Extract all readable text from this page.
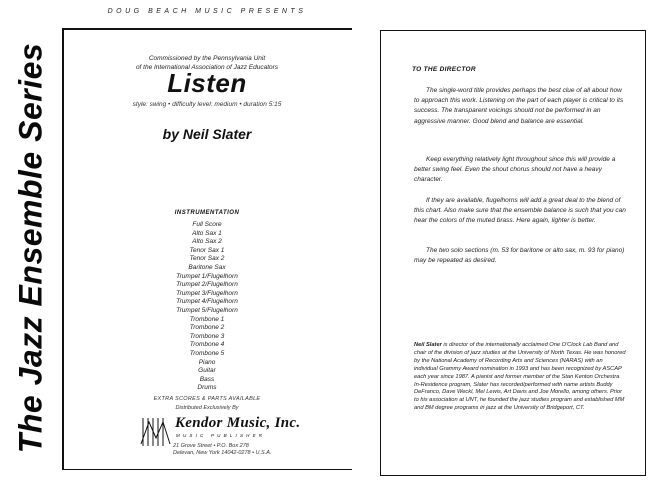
The Jazz Ensemble Series
DOUG BEACH MUSIC PRESENTS
Commissioned by the Pennsylvania Unit
of the International Association of Jazz Educators
Listen
style: swing • difficulty level: medium • duration 5:15
by Neil Slater
INSTRUMENTATION
Full Score
Alto Sax 1
Alto Sax 2
Tenor Sax 1
Tenor Sax 2
Baritone Sax
Trumpet 1/Flugelhorn
Trumpet 2/Flugelhorn
Trumpet 3/Flugelhorn
Trumpet 4/Flugelhorn
Trumpet 5/Flugelhorn
Trombone 1
Trombone 2
Trombone 3
Trombone 4
Trombone 5
Piano
Guitar
Bass
Drums
EXTRA SCORES & PARTS AVAILABLE
Distributed Exclusively By
Kendor Music, Inc.
MUSIC PUBLISHER
21 Grove Street • P.O. Box 278
Delevan, New York 14042-0278 • U.S.A.
TO THE DIRECTOR

The single-word title provides perhaps the best clue of all about how to approach this work. Listening on the part of each player is critical to its success. The transparent voicings should not be performed in an aggressive manner. Good blend and balance are essential.

Keep everything relatively light throughout since this will provide a better swing feel. Even the shout chorus should not have a heavy character.

If they are available, flugelhorns will add a great deal to the blend of this chart. Also make sure that the ensemble balance is such that you can hear the colors of the muted brass. Here again, lighter is better.

The two solo sections (m. 53 for baritone or alto sax, m. 93 for piano) may be repeated as desired.

Neil Slater is director of the internationally acclaimed One O'Clock Lab Band and chair of the division of jazz studies at the University of North Texas. He was honored by the National Academy of Recording Arts and Sciences (NARAS) with an individual Grammy Award nomination in 1993 and has been recognized by ASCAP each year since 1987. A pianist and former member of the Stan Kenton Orchestra In-Residence program, Slater has recorded/performed with name artists Buddy DeFranco, Dave Weckl, Mel Lewis, Art Davis and Joe Morello, among others. Prior to his association at UNT, he founded the jazz studies program and established MM and BM degree programs in jazz at the University of Bridgeport, CT.
